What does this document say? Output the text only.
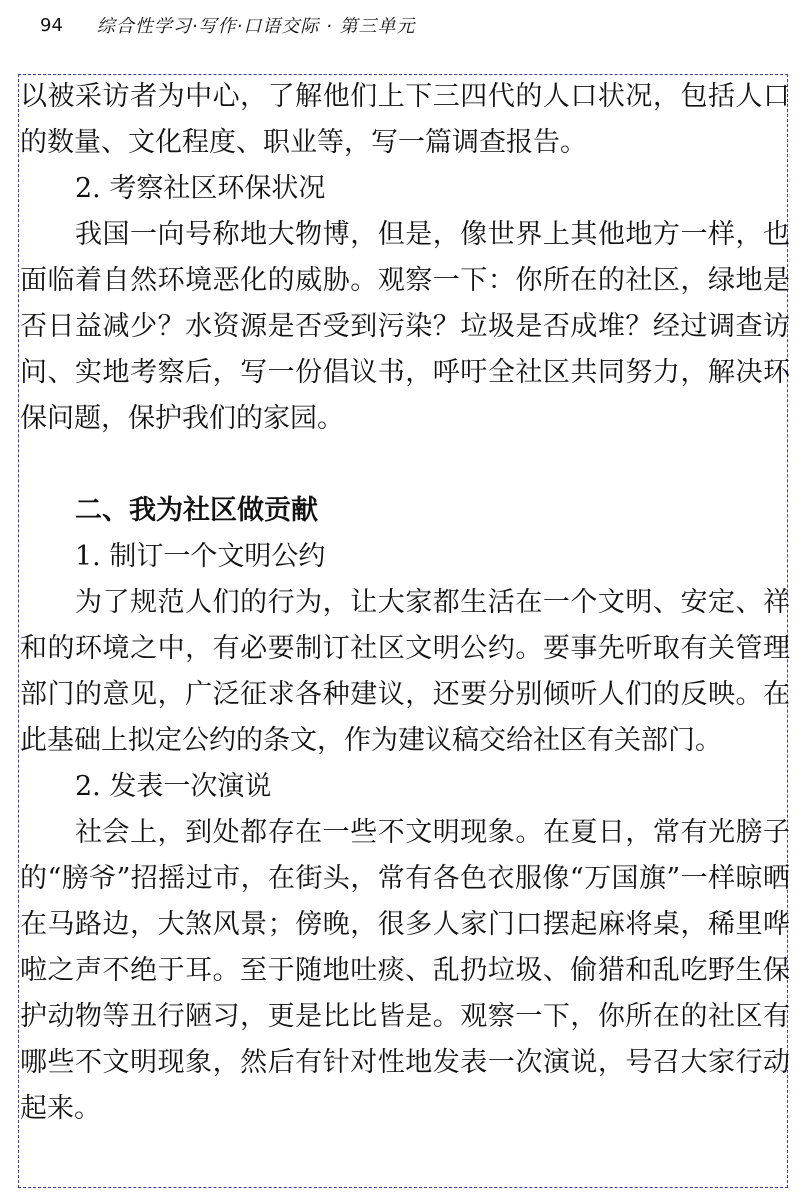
94 综合性学习·写作·口语交际 · 第三单元

以被采访者为中心，了解他们上下三四代的人口状况，包括人口的数量、文化程度、职业等，写一篇调查报告。

2. 考察社区环保状况

我国一向号称地大物博，但是，像世界上其他地方一样，也面临着自然环境恶化的威胁。观察一下：你所在的社区，绿地是否日益减少？水资源是否受到污染？垃圾是否成堆？经过调查访问、实地考察后，写一份倡议书，呼吁全社区共同努力，解决环保问题，保护我们的家园。

二、我为社区做贡献

1. 制订一个文明公约

为了规范人们的行为，让大家都生活在一个文明、安定、祥和的环境之中，有必要制订社区文明公约。要事先听取有关管理部门的意见，广泛征求各种建议，还要分别倾听人们的反映。在此基础上拟定公约的条文，作为建议稿交给社区有关部门。

2. 发表一次演说

社会上，到处都存在一些不文明现象。在夏日，常有光膀子的“膀爷”招摇过市，在街头，常有各色衣服像“万国旗”一样晾晒在马路边，大煞风景；傍晚，很多人家门口摆起麻将桌，稀里哗啦之声不绝于耳。至于随地吐痰、乱扔垃圾、偷猎和乱吃野生保护动物等丑行陋习，更是比比皆是。观察一下，你所在的社区有哪些不文明现象，然后有针对性地发表一次演说，号召大家行动起来。
